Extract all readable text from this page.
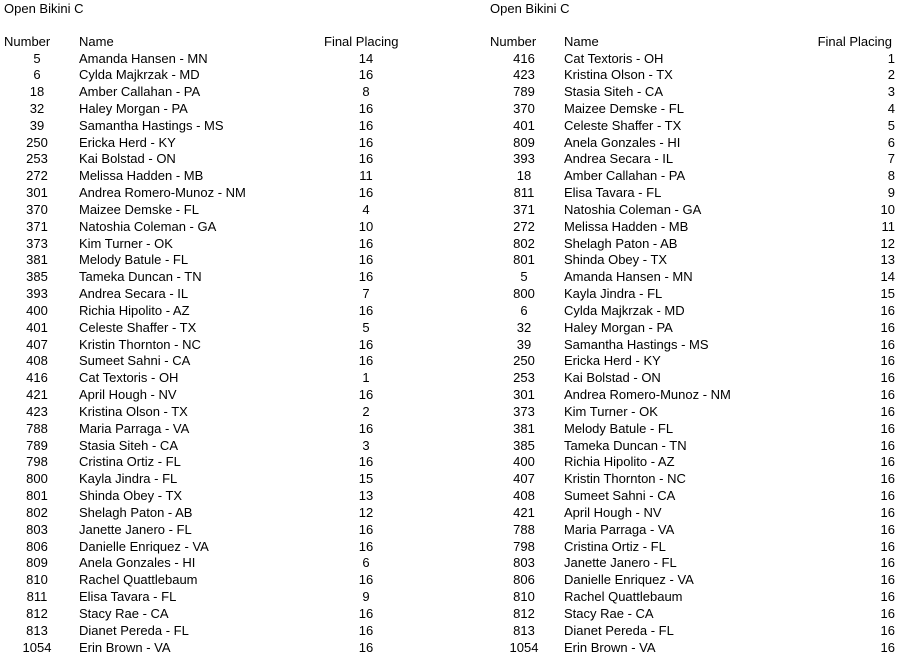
Open Bikini C
Number Name	Final Placing
5	Amanda Hansen - MN	14
6	Cylda Majkrzak - MD	16
18	Amber Callahan - PA	8
32	Haley Morgan - PA	16
39	Samantha Hastings - MS	16
250	Ericka Herd - KY	16
253	Kai Bolstad - ON	16
272	Melissa Hadden - MB	11
301	Andrea Romero-Munoz - NM	16
370	Maizee Demske - FL	4
371	Natoshia Coleman - GA	10
373	Kim Turner - OK	16
381	Melody Batule - FL	16
385	Tameka Duncan - TN	16
393	Andrea Secara - IL	7
400	Richia Hipolito - AZ	16
401	Celeste Shaffer - TX	5
407	Kristin Thornton - NC	16
408	Sumeet Sahni - CA	16
416	Cat Textoris - OH	1
421	April Hough - NV	16
423	Kristina Olson - TX	2
788	Maria Parraga - VA	16
789	Stasia Siteh - CA	3
798	Cristina Ortiz - FL	16
800	Kayla Jindra - FL	15
801	Shinda Obey - TX	13
802	Shelagh Paton - AB	12
803	Janette Janero - FL	16
806	Danielle Enriquez - VA	16
809	Anela Gonzales - HI	6
810	Rachel Quattlebaum	16
811	Elisa Tavara - FL	9
812	Stacy Rae - CA	16
813	Dianet Pereda - FL	16
1054	Erin Brown - VA	16
Open Bikini C
Number Name	Final Placing
416	Cat Textoris - OH	1
423	Kristina Olson - TX	2
789	Stasia Siteh - CA	3
370	Maizee Demske - FL	4
401	Celeste Shaffer - TX	5
809	Anela Gonzales - HI	6
393	Andrea Secara - IL	7
18	Amber Callahan - PA	8
811	Elisa Tavara - FL	9
371	Natoshia Coleman - GA	10
272	Melissa Hadden - MB	11
802	Shelagh Paton - AB	12
801	Shinda Obey - TX	13
5	Amanda Hansen - MN	14
800	Kayla Jindra - FL	15
6	Cylda Majkrzak - MD	16
32	Haley Morgan - PA	16
39	Samantha Hastings - MS	16
250	Ericka Herd - KY	16
253	Kai Bolstad - ON	16
301	Andrea Romero-Munoz - NM	16
373	Kim Turner - OK	16
381	Melody Batule - FL	16
385	Tameka Duncan - TN	16
400	Richia Hipolito - AZ	16
407	Kristin Thornton - NC	16
408	Sumeet Sahni - CA	16
421	April Hough - NV	16
788	Maria Parraga - VA	16
798	Cristina Ortiz - FL	16
803	Janette Janero - FL	16
806	Danielle Enriquez - VA	16
810	Rachel Quattlebaum	16
812	Stacy Rae - CA	16
813	Dianet Pereda - FL	16
1054	Erin Brown - VA	16
